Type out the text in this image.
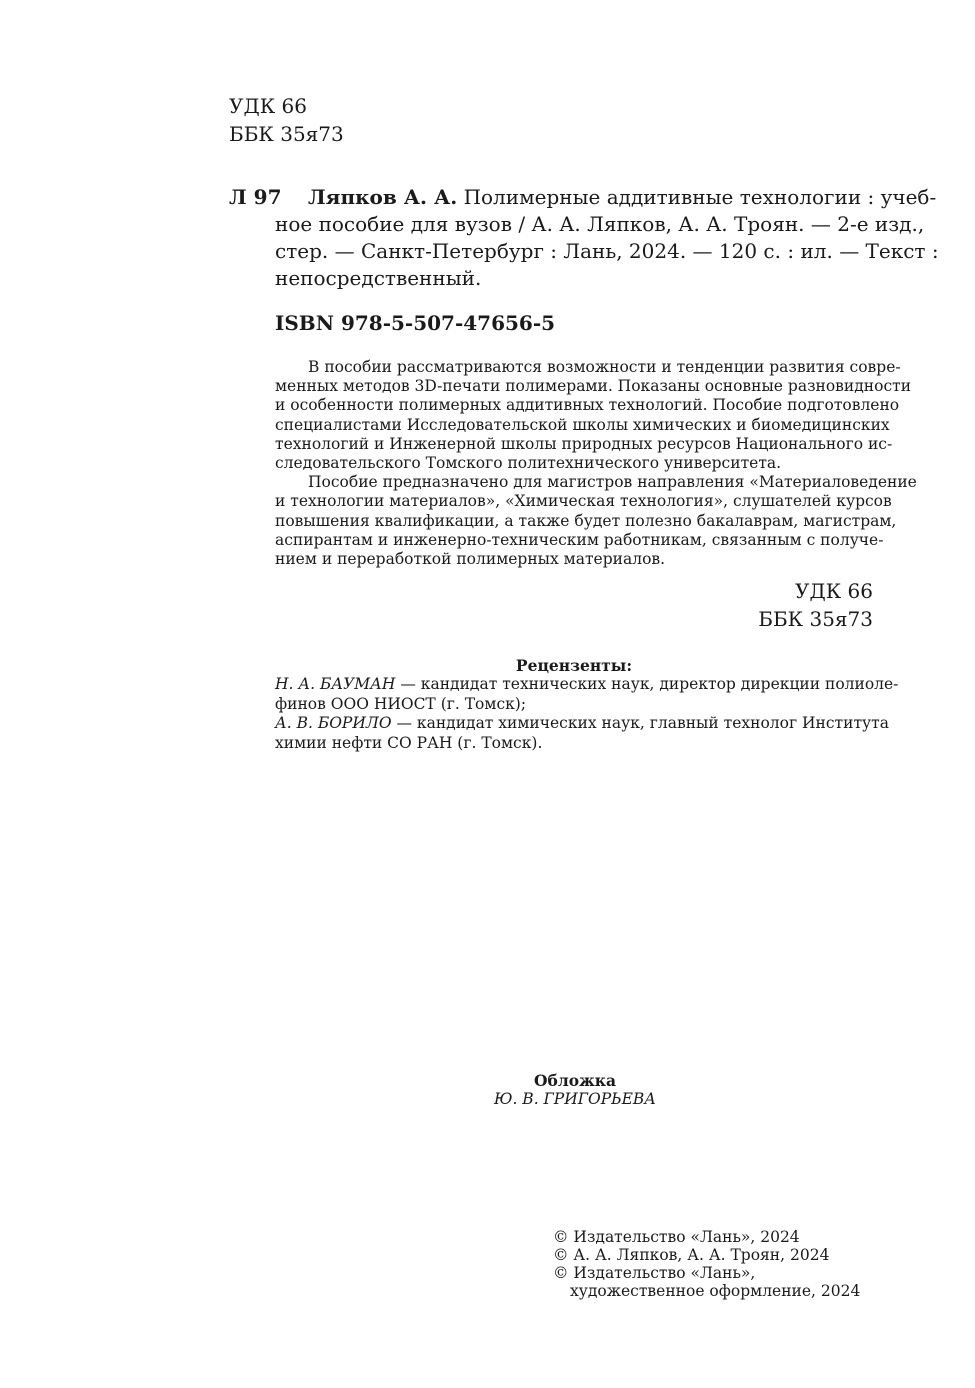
УДК 66
ББК 35я73
Л 97	Ляпков А. А. Полимерные аддитивные технологии : учеб-
ное пособие для вузов / А. А. Ляпков, А. А. Троян. — 2-е изд.,
стер. — Санкт-Петербург : Лань, 2024. — 120 с. : ил. — Текст :
непосредственный.
ISBN 978-5-507-47656-5
В пособии рассматриваются возможности и тенденции развития совре-
менных методов 3D-печати полимерами. Показаны основные разновидности
и особенности полимерных аддитивных технологий. Пособие подготовлено
специалистами Исследовательской школы химических и биомедицинских
технологий и Инженерной школы природных ресурсов Национального ис-
следовательского Томского политехнического университета.
Пособие предназначено для магистров направления «Материаловедение
и технологии материалов», «Химическая технология», слушателей курсов
повышения квалификации, а также будет полезно бакалаврам, магистрам,
аспирантам и инженерно-техническим работникам, связанным с получе-
нием и переработкой полимерных материалов.
УДК 66
ББК 35я73
Рецензенты:
Н. А. БАУМАН — кандидат технических наук, директор дирекции полиоле-
финов ООО НИОСТ (г. Томск);
А. В. БОРИЛО — кандидат химических наук, главный технолог Института
химии нефти СО РАН (г. Томск).
Обложка
Ю. В. ГРИГОРЬЕВА
© Издательство «Лань», 2024
© А. А. Ляпков, А. А. Троян, 2024
© Издательство «Лань»,
художественное оформление, 2024
